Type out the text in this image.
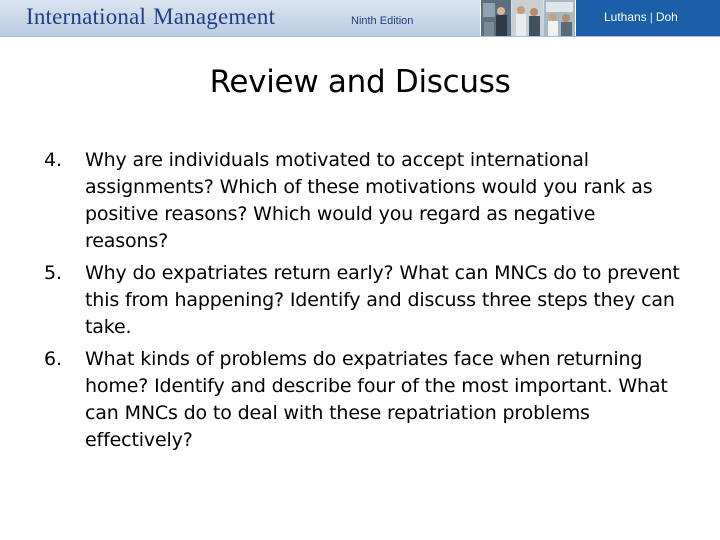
International Management	Ninth Edition	Luthans | Doh
Review and Discuss
4. Why are individuals motivated to accept international assignments? Which of these motivations would you rank as positive reasons? Which would you regard as negative reasons?
5. Why do expatriates return early? What can MNCs do to prevent this from happening? Identify and discuss three steps they can take.
6. What kinds of problems do expatriates face when returning home? Identify and describe four of the most important. What can MNCs do to deal with these repatriation problems effectively?
